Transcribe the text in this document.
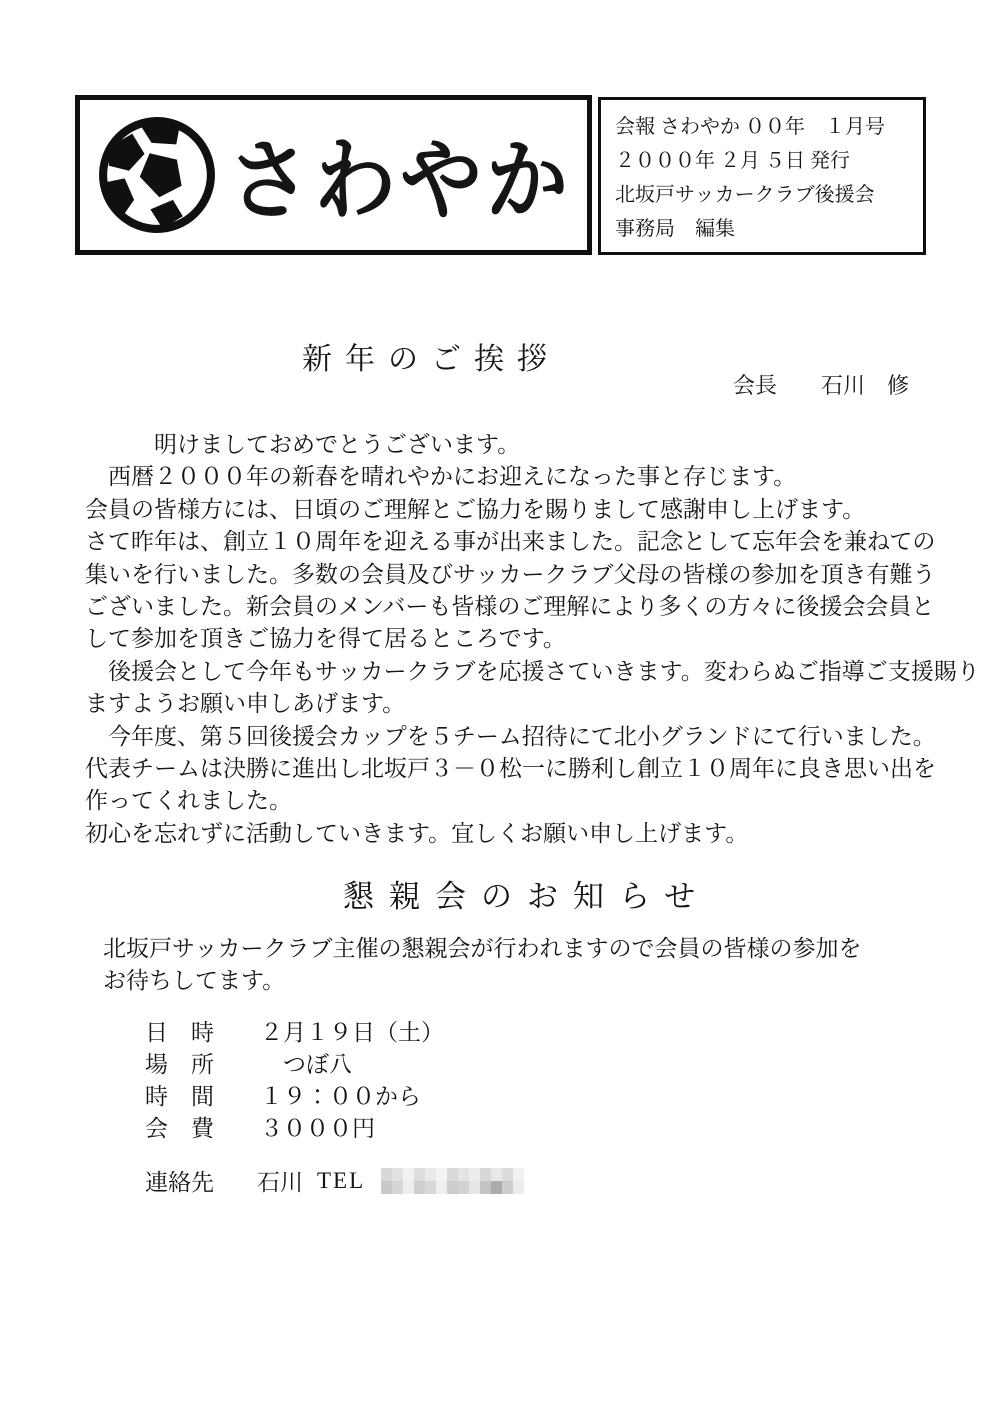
さわやか
会報 さわやか ００年　１月号
２０００年 ２月 ５日 発行
北坂戸サッカークラブ後援会
事務局　編集
新年のご挨拶
会長　　石川　修
　　　明けましておめでとうございます。
　西暦２０００年の新春を晴れやかにお迎えになった事と存じます。
会員の皆様方には、日頃のご理解とご協力を賜りまして感謝申し上げます。
さて昨年は、創立１０周年を迎える事が出来ました。記念として忘年会を兼ねての
集いを行いました。多数の会員及びサッカークラブ父母の皆様の参加を頂き有難う
ございました。新会員のメンバーも皆様のご理解により多くの方々に後援会会員と
して参加を頂きご協力を得て居るところです。
　後援会として今年もサッカークラブを応援さていきます。変わらぬご指導ご支援賜り
ますようお願い申しあげます。
　今年度、第５回後援会カップを５チーム招待にて北小グランドにて行いました。
代表チームは決勝に進出し北坂戸３－０松一に勝利し創立１０周年に良き思い出を
作ってくれました。
初心を忘れずに活動していきます。宜しくお願い申し上げます。
懇親会のお知らせ
北坂戸サッカークラブ主催の懇親会が行われますので会員の皆様の参加を
お待ちしてます。
日　時	２月１９日（土）
場　所	　つぼ八
時　間	１９：００から
会　費	３０００円
連絡先	石川 TEL
